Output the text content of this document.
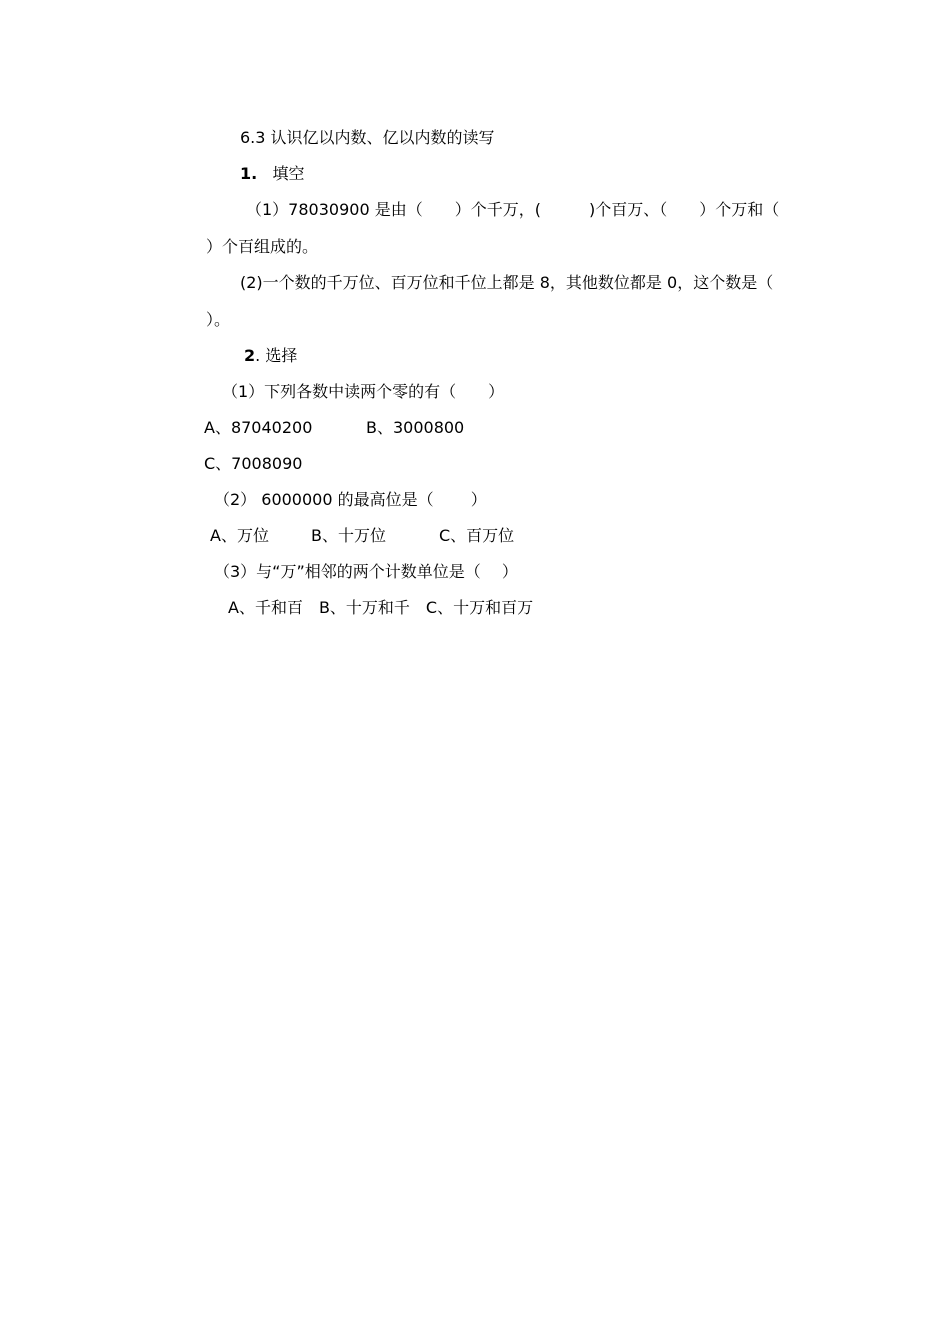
6.3 认识亿以内数、亿以内数的读写

1. 填空

（1）78030900 是由（　　）个千万，(　　　)个百万、（　　）个万和（

）个百组成的。

(2)一个数的千万位、百万位和千位上都是 8，其他数位都是 0，这个数是（

）。

2. 选择

（1）下列各数中读两个零的有（　　）

A、87040200	B、3000800

C、7008090

（2） 6000000 的最高位是（　　 ）

A、万位	B、十万位	C、百万位

（3）与“万”相邻的两个计数单位是（　 ）

A、千和百　B、十万和千　C、十万和百万
